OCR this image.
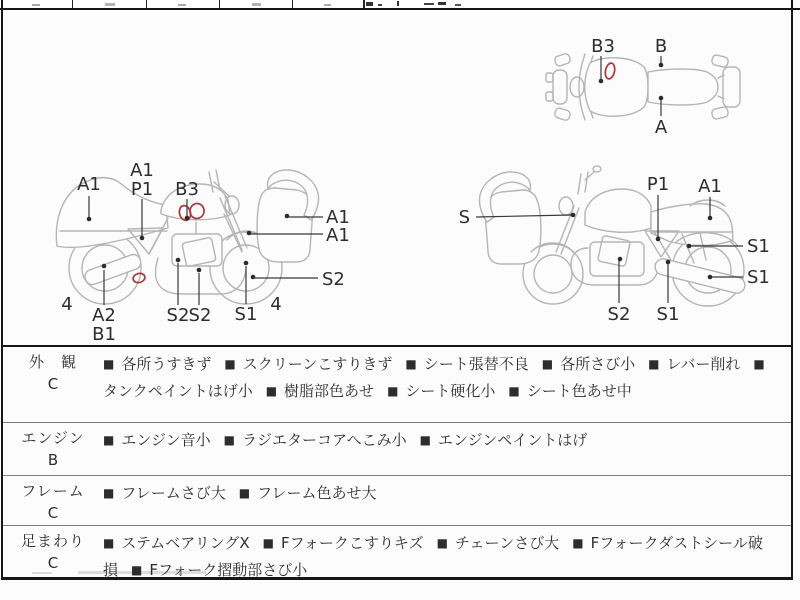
B3 B
A
A1
A1
P1 B3
A1
A1
S2
4
A2
B1
S2 S2 S1 4
S
P1 A1
S1
S1
S2 S1
外　観
C
■ 各所うすきず ■ スクリーンこすりきず ■ シート張替不良 ■ 各所さび小 ■ レバー削れ ■タンクペイントはげ小 ■ 樹脂部色あせ ■ シート硬化小 ■ シート色あせ中
エンジン
B
■ エンジン音小 ■ ラジエターコアへこみ小 ■ エンジンペイントはげ
フレーム
C
■ フレームさび大 ■ フレーム色あせ大
足まわり
C
■ ステムベアリングX ■ Fフォークこすりキズ ■ チェーンさび大 ■ Fフォークダストシール破損 ■ Fフォーク摺動部さび小
